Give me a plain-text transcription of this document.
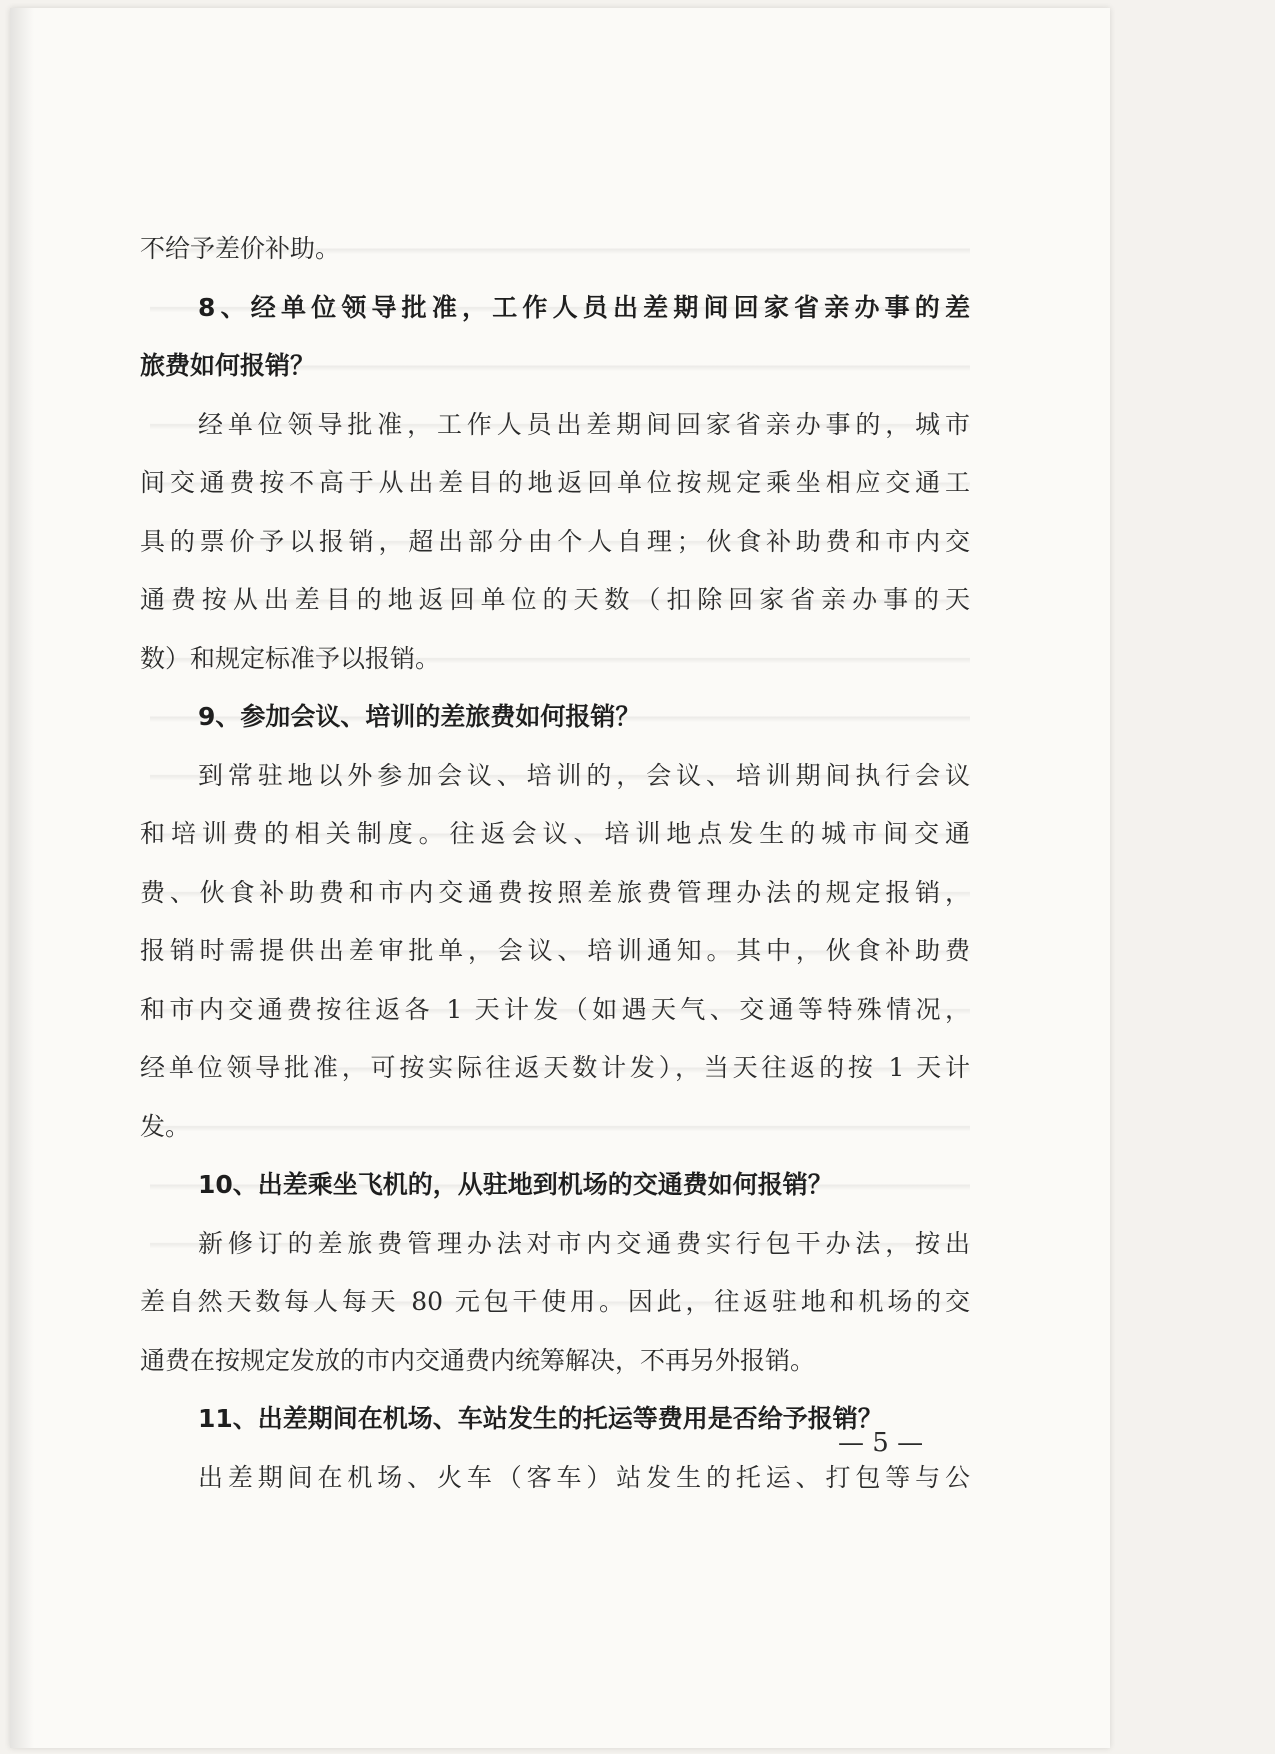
不给予差价补助。
8、经单位领导批准，工作人员出差期间回家省亲办事的差
旅费如何报销？
经单位领导批准，工作人员出差期间回家省亲办事的，城市
间交通费按不高于从出差目的地返回单位按规定乘坐相应交通工
具的票价予以报销，超出部分由个人自理；伙食补助费和市内交
通费按从出差目的地返回单位的天数（扣除回家省亲办事的天
数）和规定标准予以报销。
9、参加会议、培训的差旅费如何报销？
到常驻地以外参加会议、培训的，会议、培训期间执行会议
和培训费的相关制度。往返会议、培训地点发生的城市间交通
费、伙食补助费和市内交通费按照差旅费管理办法的规定报销，
报销时需提供出差审批单，会议、培训通知。其中，伙食补助费
和市内交通费按往返各 1 天计发（如遇天气、交通等特殊情况，
经单位领导批准，可按实际往返天数计发），当天往返的按 1 天计
发。
10、出差乘坐飞机的，从驻地到机场的交通费如何报销？
新修订的差旅费管理办法对市内交通费实行包干办法，按出
差自然天数每人每天 80 元包干使用。因此，往返驻地和机场的交
通费在按规定发放的市内交通费内统筹解决，不再另外报销。
11、出差期间在机场、车站发生的托运等费用是否给予报销？
出差期间在机场、火车（客车）站发生的托运、打包等与公
— 5 —
